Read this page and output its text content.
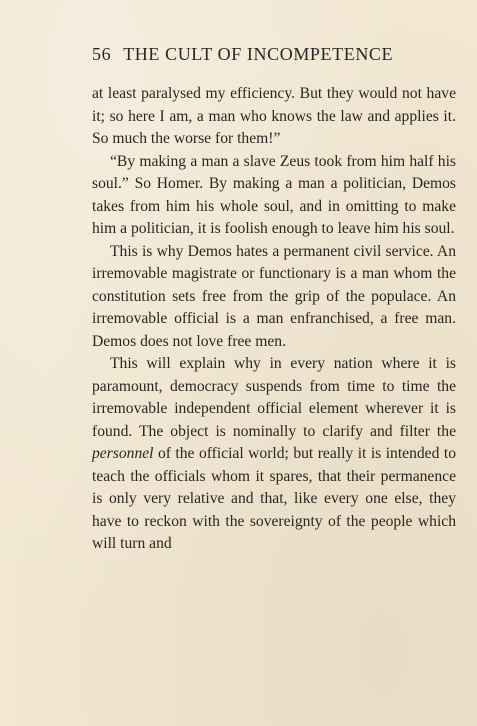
56 THE CULT OF INCOMPETENCE

at least paralysed my efficiency. But they would not have it; so here I am, a man who knows the law and applies it. So much the worse for them!”

“By making a man a slave Zeus took from him half his soul.” So Homer. By making a man a politician, Demos takes from him his whole soul, and in omitting to make him a politician, it is foolish enough to leave him his soul.

This is why Demos hates a permanent civil service. An irremovable magistrate or functionary is a man whom the constitution sets free from the grip of the populace. An irremovable official is a man enfranchised, a free man. Demos does not love free men.

This will explain why in every nation where it is paramount, democracy suspends from time to time the irremovable independent official element wherever it is found. The object is nominally to clarify and filter the personnel of the official world; but really it is intended to teach the officials whom it spares, that their permanence is only very relative and that, like every one else, they have to reckon with the sovereignty of the people which will turn and
